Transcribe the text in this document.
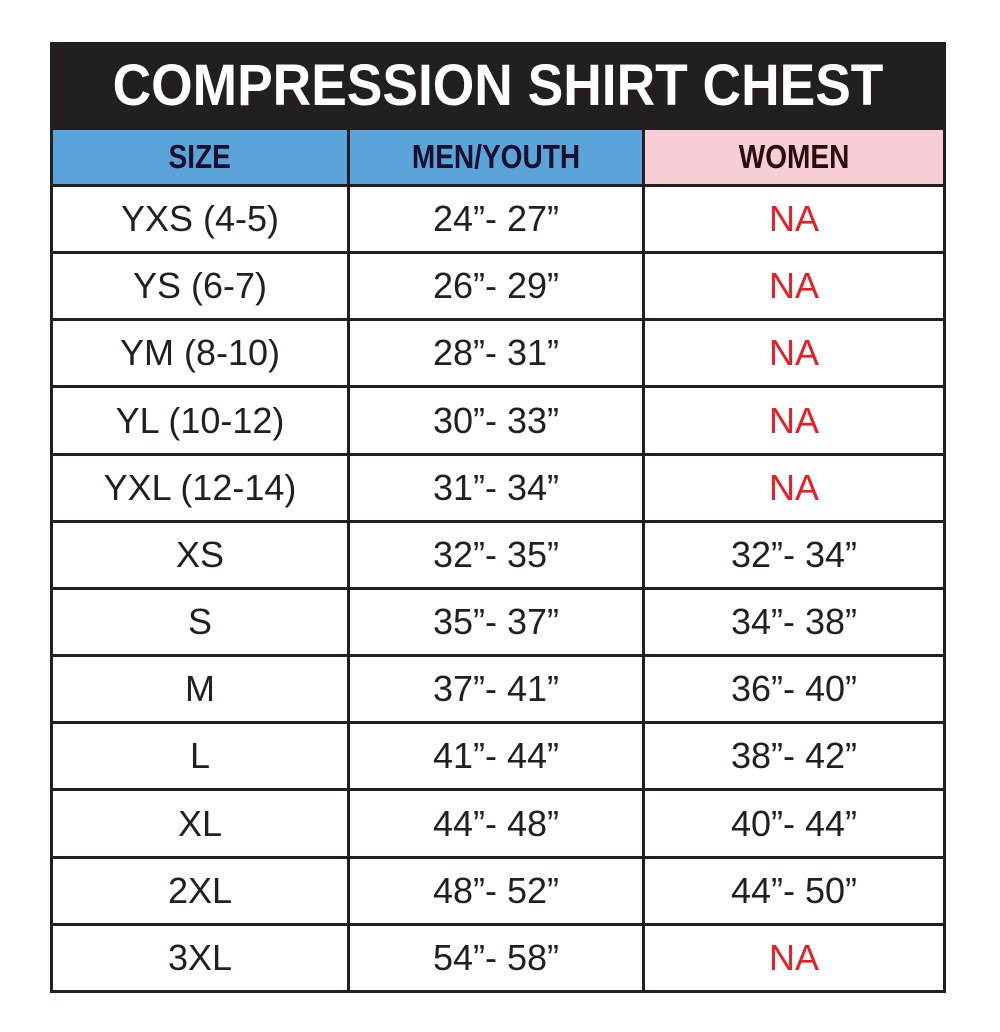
COMPRESSION SHIRT CHEST
SIZE	MEN/YOUTH	WOMEN
YXS (4-5)	24”- 27”	NA
YS (6-7)	26”- 29”	NA
YM (8-10)	28”- 31”	NA
YL (10-12)	30”- 33”	NA
YXL (12-14)	31”- 34”	NA
XS	32”- 35”	32”- 34”
S	35”- 37”	34”- 38”
M	37”- 41”	36”- 40”
L	41”- 44”	38”- 42”
XL	44”- 48”	40”- 44”
2XL	48”- 52”	44”- 50”
3XL	54”- 58”	NA
